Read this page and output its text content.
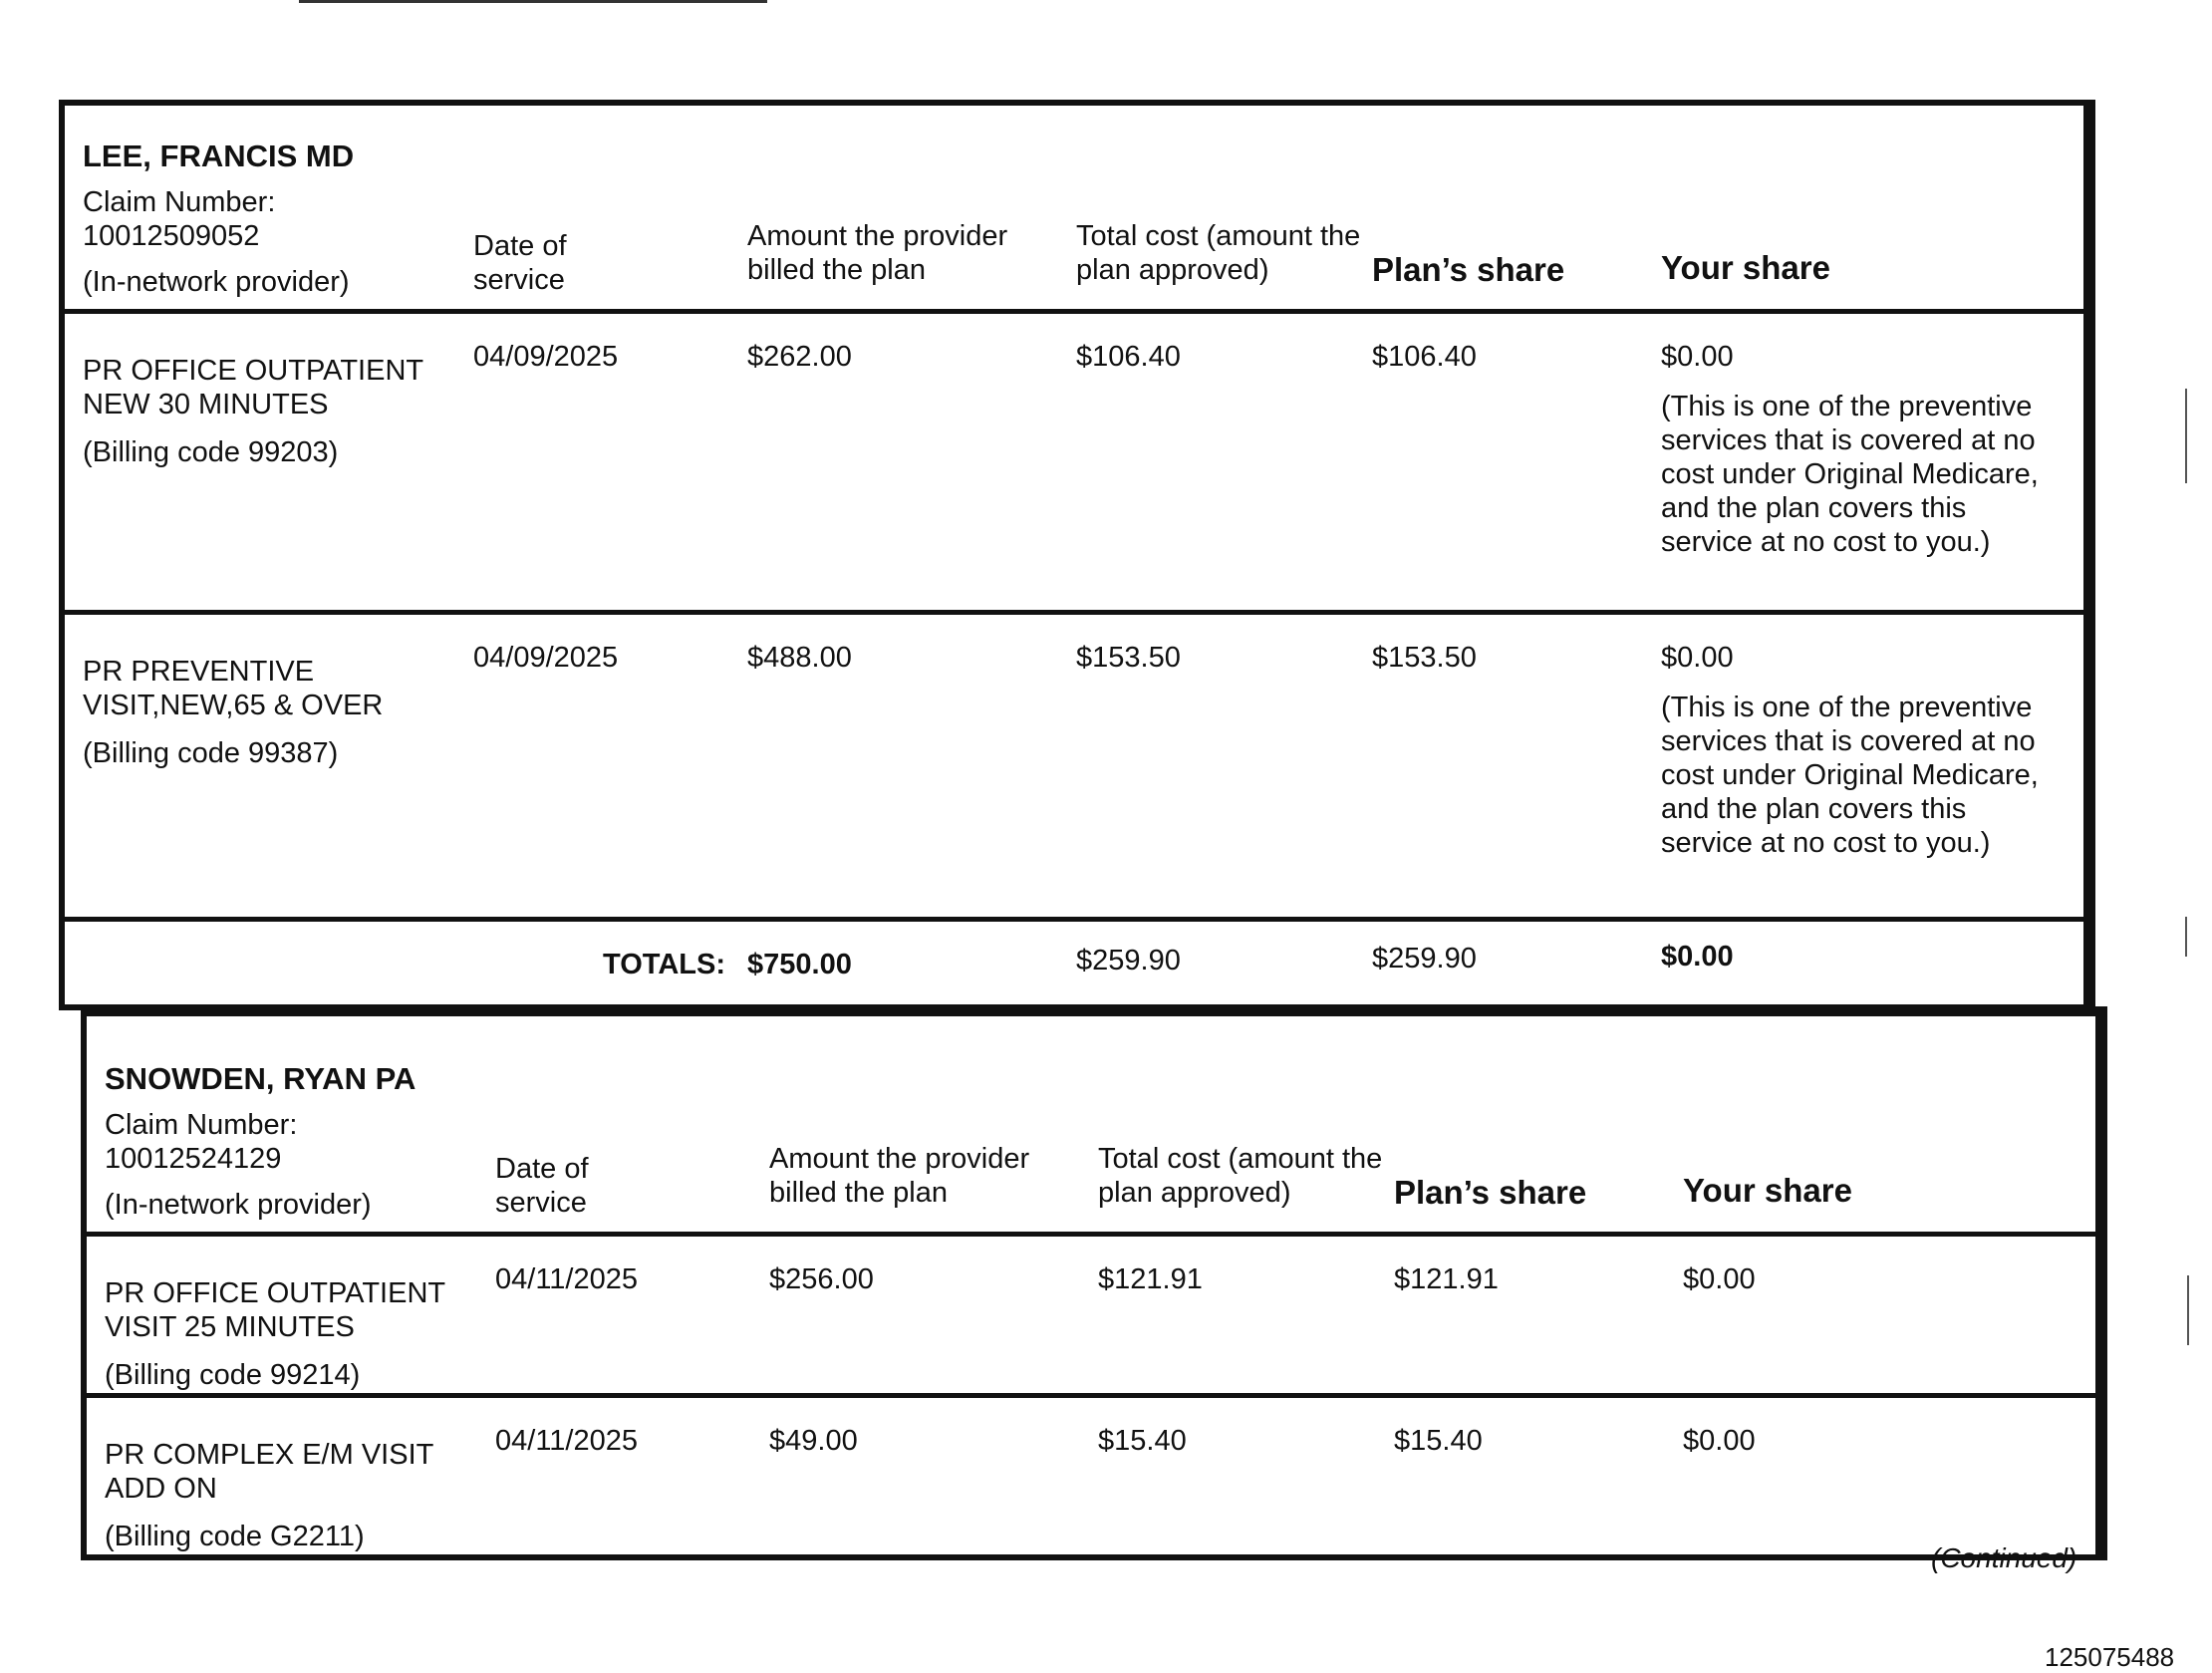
LEE, FRANCIS MD
Claim Number:
10012509052
(In-network provider)	Date of service	Amount the provider billed the plan	Total cost (amount the plan approved)	Plan’s share	Your share

PR OFFICE OUTPATIENT NEW 30 MINUTES
(Billing code 99203)	04/09/2025	$262.00	$106.40	$106.40	$0.00
(This is one of the preventive services that is covered at no cost under Original Medicare, and the plan covers this service at no cost to you.)

PR PREVENTIVE VISIT,NEW,65 & OVER
(Billing code 99387)	04/09/2025	$488.00	$153.50	$153.50	$0.00
(This is one of the preventive services that is covered at no cost under Original Medicare, and the plan covers this service at no cost to you.)

TOTALS:		$750.00	$259.90	$259.90	$0.00
SNOWDEN, RYAN PA
Claim Number:
10012524129
(In-network provider)	Date of service	Amount the provider billed the plan	Total cost (amount the plan approved)	Plan’s share	Your share

PR OFFICE OUTPATIENT VISIT 25 MINUTES
(Billing code 99214)	04/11/2025	$256.00	$121.91	$121.91	$0.00

PR COMPLEX E/M VISIT ADD ON
(Billing code G2211)	04/11/2025	$49.00	$15.40	$15.40	$0.00
(Continued)
125075488
